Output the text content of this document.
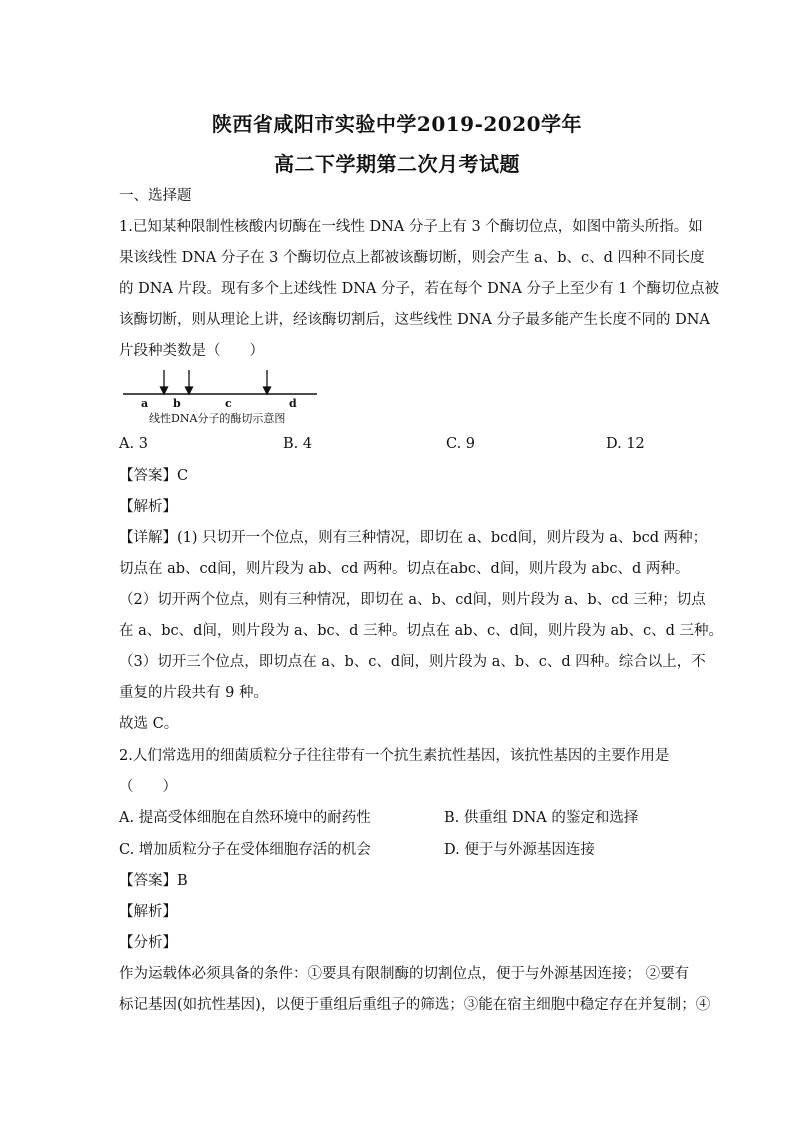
陕西省咸阳市实验中学2019-2020学年
高二下学期第二次月考试题
一、选择题
1.已知某种限制性核酸内切酶在一线性 DNA 分子上有 3 个酶切位点，如图中箭头所指。如
果该线性 DNA 分子在 3 个酶切位点上都被该酶切断，则会产生 a、b、c、d 四种不同长度
的 DNA 片段。现有多个上述线性 DNA 分子，若在每个 DNA 分子上至少有 1 个酶切位点被
该酶切断，则从理论上讲，经该酶切割后，这些线性 DNA 分子最多能产生长度不同的 DNA
片段种类数是（　　）
a b	c	d
线性DNA分子的酶切示意图
A. 3	B. 4	C. 9	D. 12
【答案】C
【解析】
【详解】(1) 只切开一个位点，则有三种情况，即切在 a、bcd间，则片段为 a、bcd 两种；
切点在 ab、cd间，则片段为 ab、cd 两种。切点在abc、d间，则片段为 abc、d 两种。
（2）切开两个位点，则有三种情况，即切在 a、b、cd间，则片段为 a、b、cd 三种；切点
在 a、bc、d间，则片段为 a、bc、d 三种。切点在 ab、c、d间，则片段为 ab、c、d 三种。
（3）切开三个位点，即切点在 a、b、c、d间，则片段为 a、b、c、d 四种。综合以上，不
重复的片段共有 9 种。
故选 C。
2.人们常选用的细菌质粒分子往往带有一个抗生素抗性基因，该抗性基因的主要作用是
（　　）
A. 提高受体细胞在自然环境中的耐药性	B. 供重组 DNA 的鉴定和选择
C. 增加质粒分子在受体细胞存活的机会	D. 便于与外源基因连接
【答案】B
【解析】
【分析】
作为运载体必须具备的条件：①要具有限制酶的切割位点，便于与外源基因连接； ②要有
标记基因(如抗性基因)，以便于重组后重组子的筛选；③能在宿主细胞中稳定存在并复制；④
